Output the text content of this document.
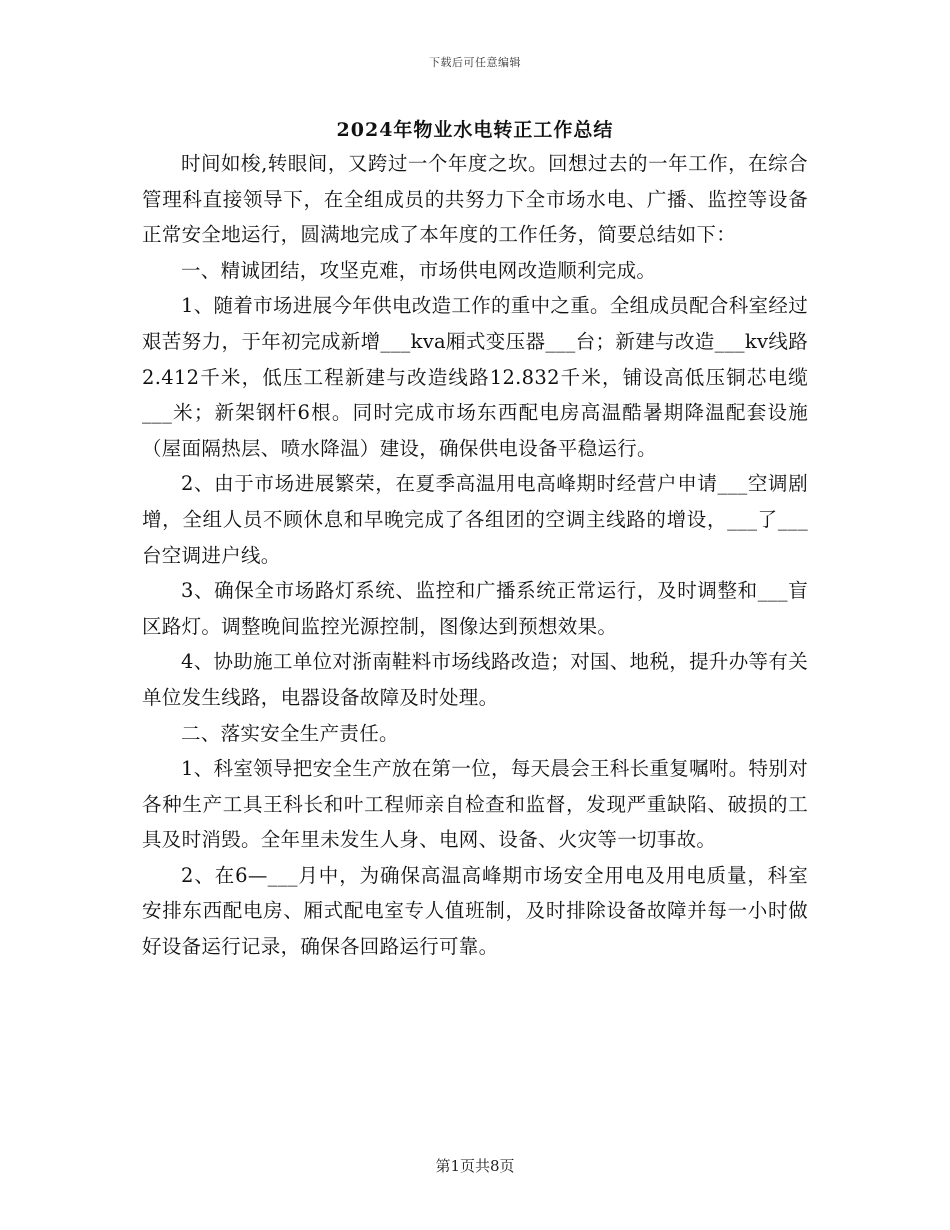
下载后可任意编辑
2024年物业水电转正工作总结

时间如梭,转眼间，又跨过一个年度之坎。回想过去的一年工作，在综合管理科直接领导下，在全组成员的共努力下全市场水电、广播、监控等设备正常安全地运行，圆满地完成了本年度的工作任务，简要总结如下：

一、精诚团结，攻坚克难，市场供电网改造顺利完成。

1、随着市场进展今年供电改造工作的重中之重。全组成员配合科室经过艰苦努力，于年初完成新增___kva厢式变压器___台；新建与改造___kv线路2.412千米，低压工程新建与改造线路12.832千米，铺设高低压铜芯电缆___米；新架钢杆6根。同时完成市场东西配电房高温酷暑期降温配套设施（屋面隔热层、喷水降温）建设，确保供电设备平稳运行。

2、由于市场进展繁荣，在夏季高温用电高峰期时经营户申请___空调剧增，全组人员不顾休息和早晚完成了各组团的空调主线路的增设，___了___台空调进户线。

3、确保全市场路灯系统、监控和广播系统正常运行，及时调整和___盲区路灯。调整晚间监控光源控制，图像达到预想效果。

4、协助施工单位对浙南鞋料市场线路改造；对国、地税，提升办等有关单位发生线路，电器设备故障及时处理。

二、落实安全生产责任。

1、科室领导把安全生产放在第一位，每天晨会王科长重复嘱咐。特别对各种生产工具王科长和叶工程师亲自检查和监督，发现严重缺陷、破损的工具及时消毁。全年里未发生人身、电网、设备、火灾等一切事故。

2、在6—___月中，为确保高温高峰期市场安全用电及用电质量，科室安排东西配电房、厢式配电室专人值班制，及时排除设备故障并每一小时做好设备运行记录，确保各回路运行可靠。

第1页共8页
